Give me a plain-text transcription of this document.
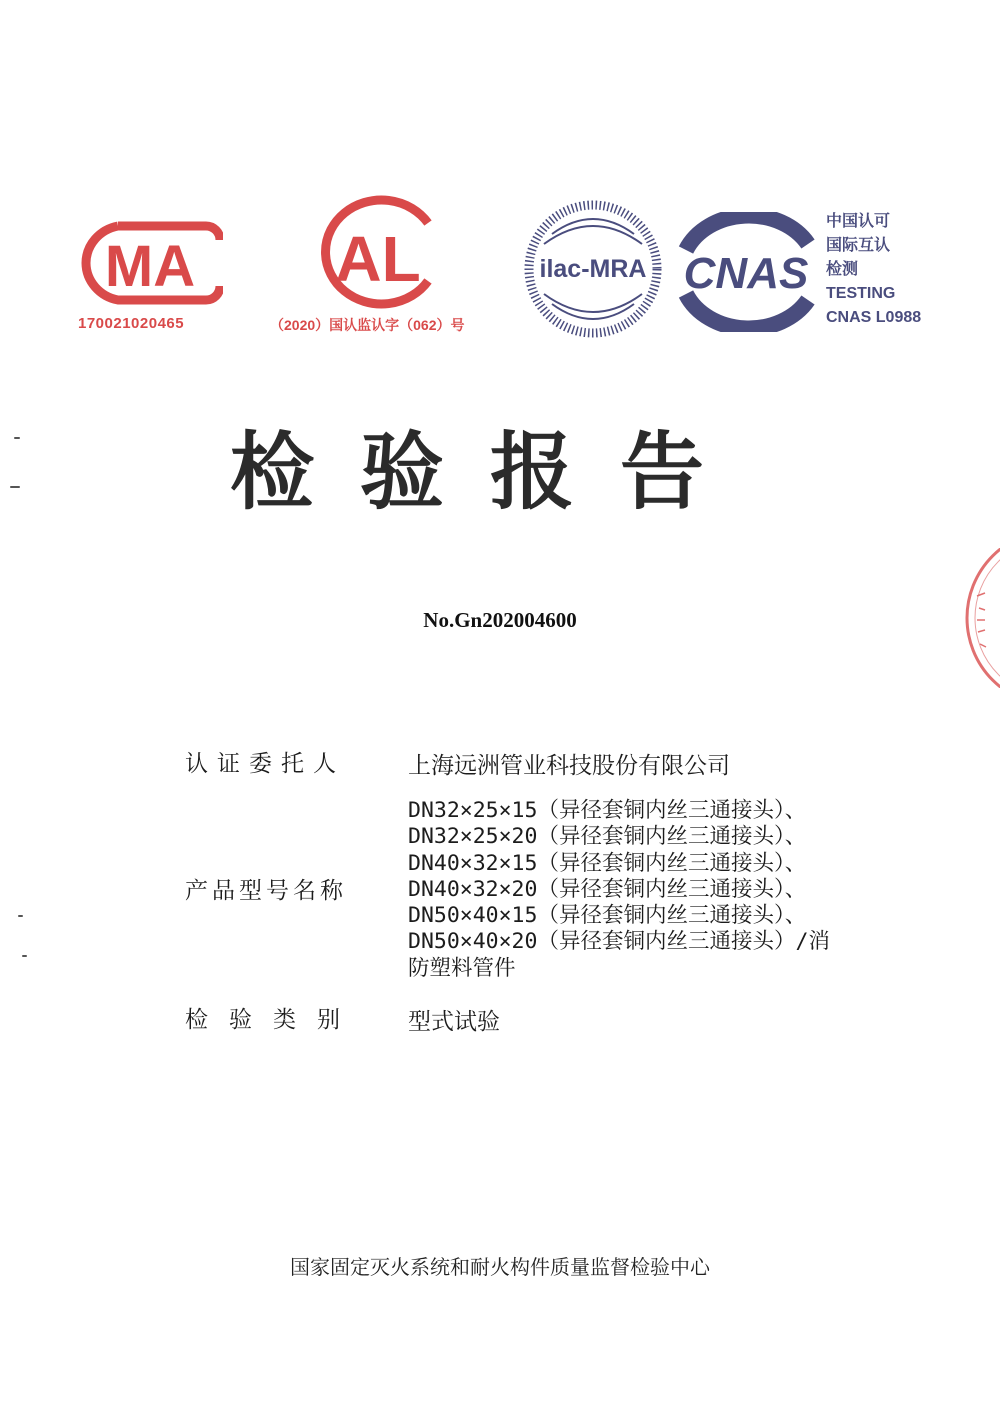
MA
170021020465
AL
（2020）国认监认字（062）号
ilac-MRA CNAS
中国认可
国际互认
检测
TESTING
CNAS L0988
检验报告
No.Gn202004600
认证委托人	上海远洲管业科技股份有限公司
产品型号名称
DN32×25×15（异径套铜内丝三通接头）、
DN32×25×20（异径套铜内丝三通接头）、
DN40×32×15（异径套铜内丝三通接头）、
DN40×32×20（异径套铜内丝三通接头）、
DN50×40×15（异径套铜内丝三通接头）、
DN50×40×20（异径套铜内丝三通接头）/消
防塑料管件
检验类别 型式试验
国家固定灭火系统和耐火构件质量监督检验中心
